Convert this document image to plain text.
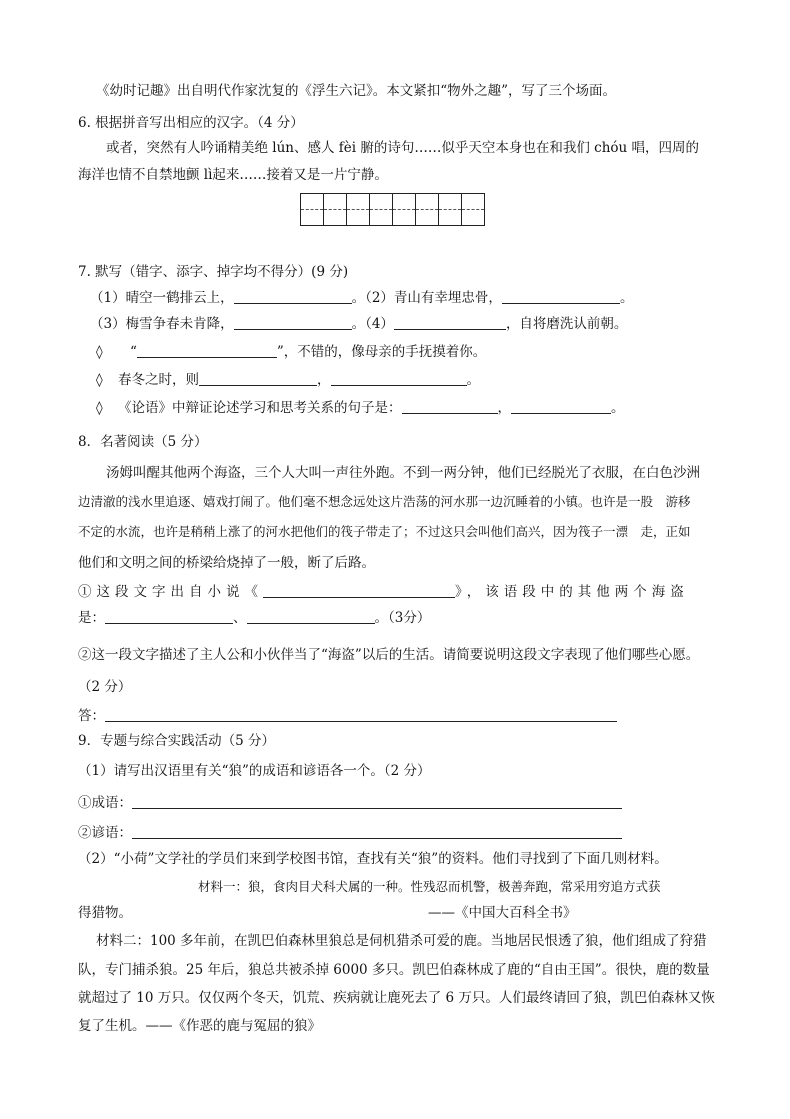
《幼时记趣》出自明代作家沈复的《浮生六记》。本文紧扣“物外之趣”，写了三个场面。
6. 根据拼音写出相应的汉字。（4 分）
或者，突然有人吟诵精美绝 lún、感人 fèi 腑的诗句……似乎天空本身也在和我们 chóu 唱，四周的
海洋也情不自禁地颤 lì起来……接着又是一片宁静。

7. 默写（错字、添字、掉字均不得分）(9 分)
（1）晴空一鹤排云上，	。（2）青山有幸埋忠骨，	。
（3）梅雪争春未肯降，	。（4）	，自将磨洗认前朝。
◊ “	”，不错的，像母亲的手抚摸着你。
◊ 春冬之时，则	，	。
◊ 《论语》中辩证论述学习和思考关系的句子是：	，	。
8．名著阅读（5 分）
汤姆叫醒其他两个海盗，三个人大叫一声往外跑。不到一两分钟，他们已经脱光了衣服，在白色沙洲
边清澈的浅水里追逐、嬉戏打闹了。他们毫不想念远处这片浩荡的河水那一边沉睡着的小镇。也许是一股　游移
不定的水流，也许是稍稍上涨了的河水把他们的筏子带走了；不过这只会叫他们高兴，因为筏子一漂　走，正如
他们和文明之间的桥梁给烧掉了一般，断了后路。
①这段文字出自小说《	》，该语段中的其他两个海盗
是：	、	。（3分）
②这一段文字描述了主人公和小伙伴当了“海盗”以后的生活。请简要说明这段文字表现了他们哪些心愿。
（2 分）
答：
9．专题与综合实践活动（5 分）
（1）请写出汉语里有关“狼”的成语和谚语各一个。（2 分）
①成语：
②谚语：
（2）“小荷”文学社的学员们来到学校图书馆，查找有关“狼”的资料。他们寻找到了下面几则材料。
材料一：狼，食肉目犬科犬属的一种。性残忍而机警，极善奔跑，常采用穷追方式获
得猎物。	——《中国大百科全书》
材料二：100 多年前，在凯巴伯森林里狼总是伺机猎杀可爱的鹿。当地居民恨透了狼，他们组成了狩猎
队，专门捕杀狼。25 年后，狼总共被杀掉 6000 多只。凯巴伯森林成了鹿的“自由王国”。很快，鹿的数量
就超过了 10 万只。仅仅两个冬天，饥荒、疾病就让鹿死去了 6 万只。人们最终请回了狼，凯巴伯森林又恢
复了生机。——《作恶的鹿与冤屈的狼》
